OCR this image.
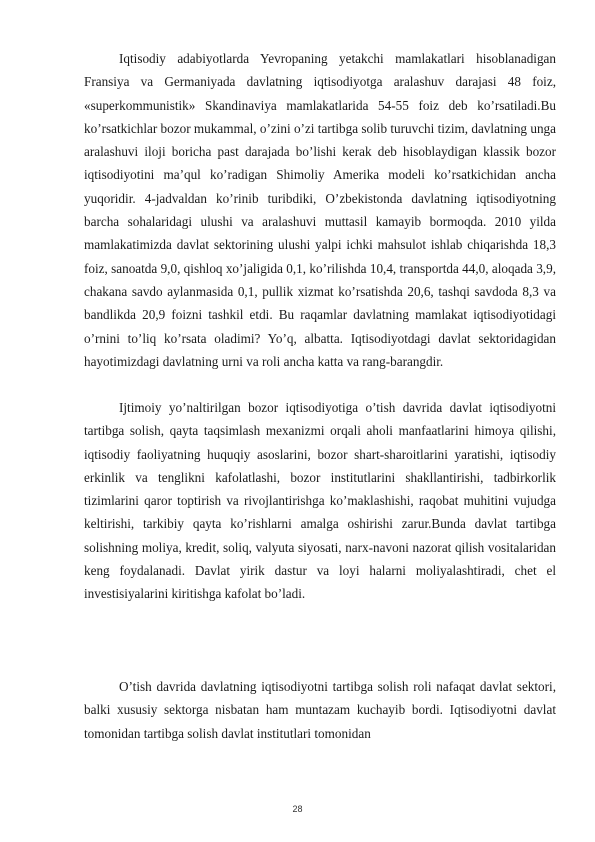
Iqtisodiy adabiyotlarda Yevropaning yetakchi mamlakatlari hisoblanadigan Fransiya va Germaniyada davlatning iqtisodiyotga aralashuv darajasi 48 foiz, «superkommunistik» Skandinaviya mamlakatlarida 54-55 foiz deb ko’rsatiladi.Bu ko’rsatkichlar bozor mukammal, o’zini o’zi tartibga solib turuvchi tizim, davlatning unga aralashuvi iloji boricha past darajada bo’lishi kerak deb hisoblaydigan klassik bozor iqtisodiyotini ma’qul ko’radigan Shimoliy Amerika modeli ko’rsatkichidan ancha yuqoridir. 4-jadvaldan ko’rinib turibdiki, O’zbekistonda davlatning iqtisodiyotning barcha sohalaridagi ulushi va aralashuvi muttasil kamayib bormoqda. 2010 yilda mamlakatimizda davlat sektorining ulushi yalpi ichki mahsulot ishlab chiqarishda 18,3 foiz, sanoatda 9,0, qishloq xo’jaligida 0,1, ko’rilishda 10,4, transportda 44,0, aloqada 3,9, chakana savdo aylanmasida 0,1, pullik xizmat ko’rsatishda 20,6, tashqi savdoda 8,3 va bandlikda 20,9 foizni tashkil etdi. Bu raqamlar davlatning mamlakat iqtisodiyotidagi o’rnini to’liq ko’rsata oladimi? Yo’q, albatta. Iqtisodiyotdagi davlat sektoridagidan hayotimizdagi davlatning urni va roli ancha katta va rang-barangdir.

Ijtimoiy yo’naltirilgan bozor iqtisodiyotiga o’tish davrida davlat iqtisodiyotni tartibga solish, qayta taqsimlash mexanizmi orqali aholi manfaatlarini himoya qilishi, iqtisodiy faoliyatning huquqiy asoslarini, bozor shart-sharoitlarini yaratishi, iqtisodiy erkinlik va tenglikni kafolatlashi, bozor institutlarini shakllantirishi, tadbirkorlik tizimlarini qaror toptirish va rivojlantirishga ko’maklashishi, raqobat muhitini vujudga keltirishi, tarkibiy qayta ko’rishlarni amalga oshirishi zarur.Bunda davlat tartibga solishning moliya, kredit, soliq, valyuta siyosati, narx-navoni nazorat qilish vositalaridan keng foydalanadi. Davlat yirik dastur va loyi halarni moliyalashtiradi, chet el investisiyalarini kiritishga kafolat bo’ladi.

O’tish davrida davlatning iqtisodiyotni tartibga solish roli nafaqat davlat sektori, balki xususiy sektorga nisbatan ham muntazam kuchayib bordi. Iqtisodiyotni davlat tomonidan tartibga solish davlat institutlari tomonidan

28
